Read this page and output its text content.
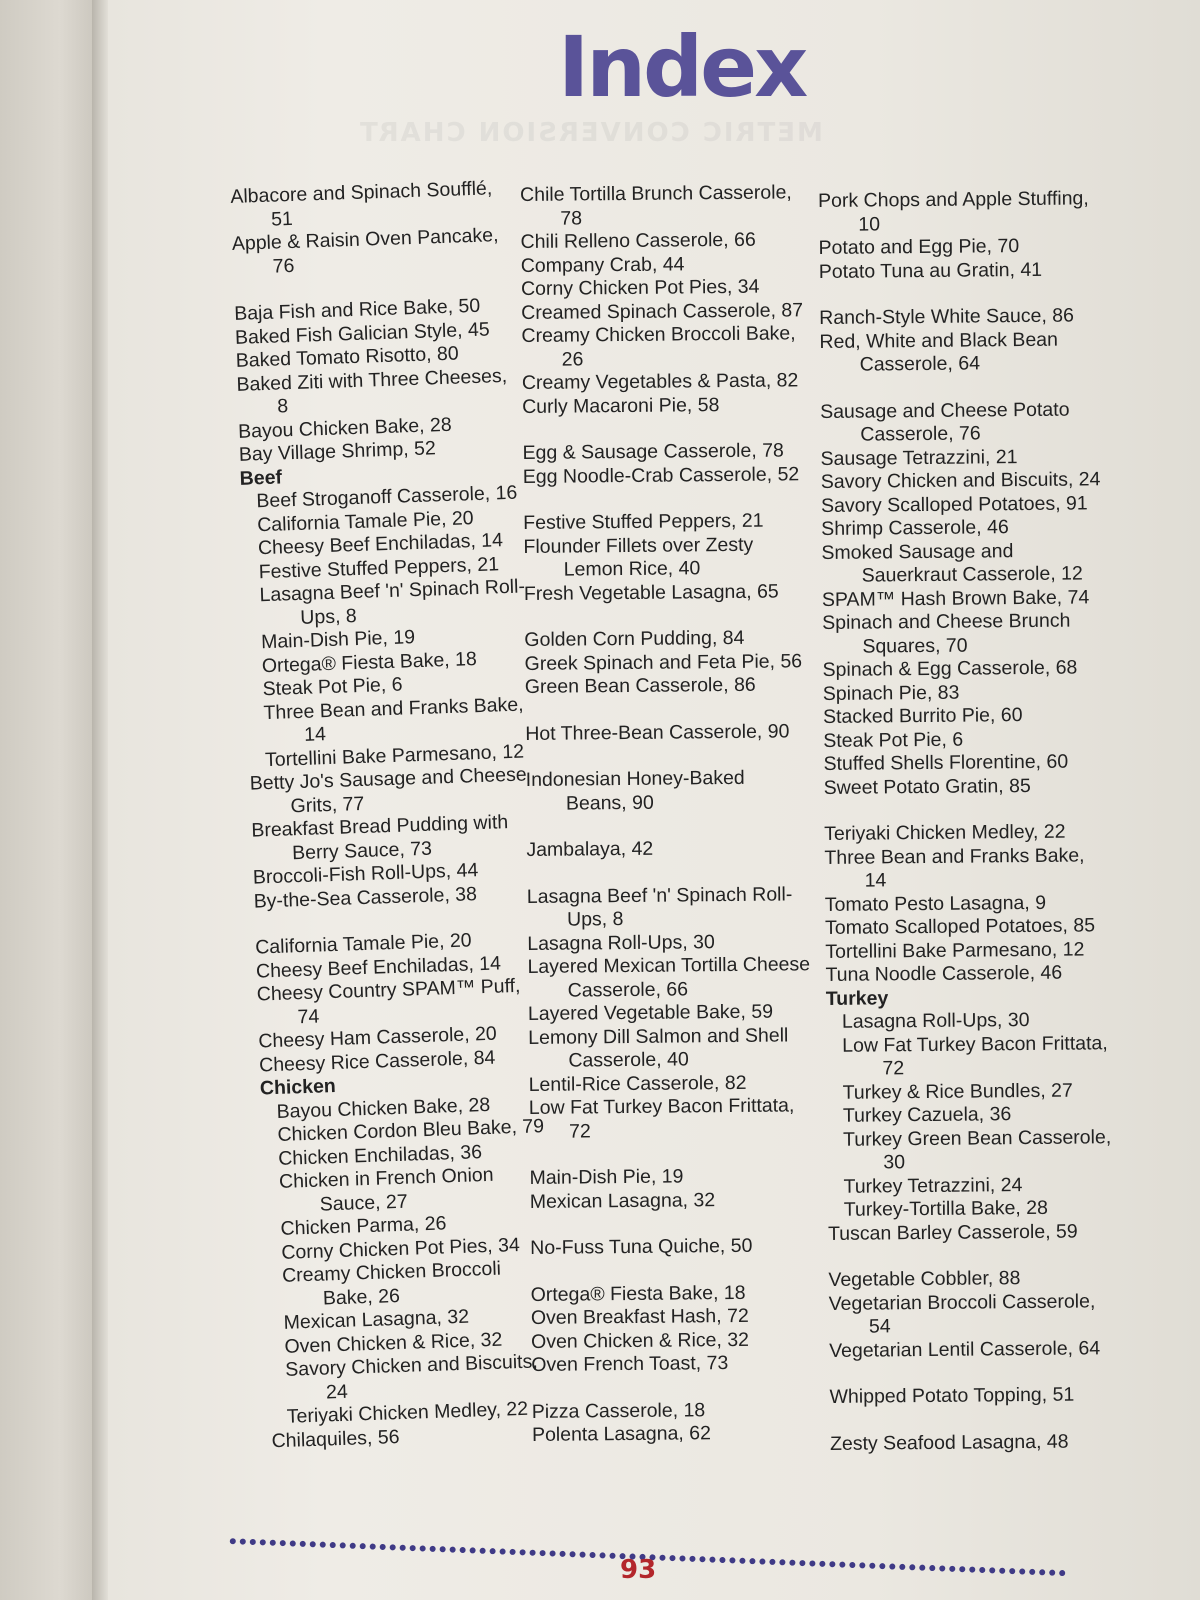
METRIC CONVERSION CHART
Index
Albacore and Spinach Soufflé, 51
Apple & Raisin Oven Pancake, 76
Baja Fish and Rice Bake, 50
Baked Fish Galician Style, 45
Baked Tomato Risotto, 80
Baked Ziti with Three Cheeses, 8
Bayou Chicken Bake, 28
Bay Village Shrimp, 52
Beef
Beef Stroganoff Casserole, 16
California Tamale Pie, 20
Cheesy Beef Enchiladas, 14
Festive Stuffed Peppers, 21
Lasagna Beef 'n' Spinach Roll-Ups, 8
Main-Dish Pie, 19
Ortega® Fiesta Bake, 18
Steak Pot Pie, 6
Three Bean and Franks Bake, 14
Tortellini Bake Parmesano, 12
Betty Jo's Sausage and Cheese Grits, 77
Breakfast Bread Pudding with Berry Sauce, 73
Broccoli-Fish Roll-Ups, 44
By-the-Sea Casserole, 38
California Tamale Pie, 20
Cheesy Beef Enchiladas, 14
Cheesy Country SPAM™ Puff, 74
Cheesy Ham Casserole, 20
Cheesy Rice Casserole, 84
Chicken
Bayou Chicken Bake, 28
Chicken Cordon Bleu Bake, 79
Chicken Enchiladas, 36
Chicken in French Onion Sauce, 27
Chicken Parma, 26
Corny Chicken Pot Pies, 34
Creamy Chicken Broccoli Bake, 26
Mexican Lasagna, 32
Oven Chicken & Rice, 32
Savory Chicken and Biscuits, 24
Teriyaki Chicken Medley, 22
Chilaquiles, 56
Chile Tortilla Brunch Casserole, 78
Chili Relleno Casserole, 66
Company Crab, 44
Corny Chicken Pot Pies, 34
Creamed Spinach Casserole, 87
Creamy Chicken Broccoli Bake, 26
Creamy Vegetables & Pasta, 82
Curly Macaroni Pie, 58
Egg & Sausage Casserole, 78
Egg Noodle-Crab Casserole, 52
Festive Stuffed Peppers, 21
Flounder Fillets over Zesty Lemon Rice, 40
Fresh Vegetable Lasagna, 65
Golden Corn Pudding, 84
Greek Spinach and Feta Pie, 56
Green Bean Casserole, 86
Hot Three-Bean Casserole, 90
Indonesian Honey-Baked Beans, 90
Jambalaya, 42
Lasagna Beef 'n' Spinach Roll-Ups, 8
Lasagna Roll-Ups, 30
Layered Mexican Tortilla Cheese Casserole, 66
Layered Vegetable Bake, 59
Lemony Dill Salmon and Shell Casserole, 40
Lentil-Rice Casserole, 82
Low Fat Turkey Bacon Frittata, 72
Main-Dish Pie, 19
Mexican Lasagna, 32
No-Fuss Tuna Quiche, 50
Ortega® Fiesta Bake, 18
Oven Breakfast Hash, 72
Oven Chicken & Rice, 32
Oven French Toast, 73
Pizza Casserole, 18
Polenta Lasagna, 62
Pork Chops and Apple Stuffing, 10
Potato and Egg Pie, 70
Potato Tuna au Gratin, 41
Ranch-Style White Sauce, 86
Red, White and Black Bean Casserole, 64
Sausage and Cheese Potato Casserole, 76
Sausage Tetrazzini, 21
Savory Chicken and Biscuits, 24
Savory Scalloped Potatoes, 91
Shrimp Casserole, 46
Smoked Sausage and Sauerkraut Casserole, 12
SPAM™ Hash Brown Bake, 74
Spinach and Cheese Brunch Squares, 70
Spinach & Egg Casserole, 68
Spinach Pie, 83
Stacked Burrito Pie, 60
Steak Pot Pie, 6
Stuffed Shells Florentine, 60
Sweet Potato Gratin, 85
Teriyaki Chicken Medley, 22
Three Bean and Franks Bake, 14
Tomato Pesto Lasagna, 9
Tomato Scalloped Potatoes, 85
Tortellini Bake Parmesano, 12
Tuna Noodle Casserole, 46
Turkey
Lasagna Roll-Ups, 30
Low Fat Turkey Bacon Frittata, 72
Turkey & Rice Bundles, 27
Turkey Cazuela, 36
Turkey Green Bean Casserole, 30
Turkey Tetrazzini, 24
Turkey-Tortilla Bake, 28
Tuscan Barley Casserole, 59
Vegetable Cobbler, 88
Vegetarian Broccoli Casserole, 54
Vegetarian Lentil Casserole, 64
Whipped Potato Topping, 51
Zesty Seafood Lasagna, 48
93
